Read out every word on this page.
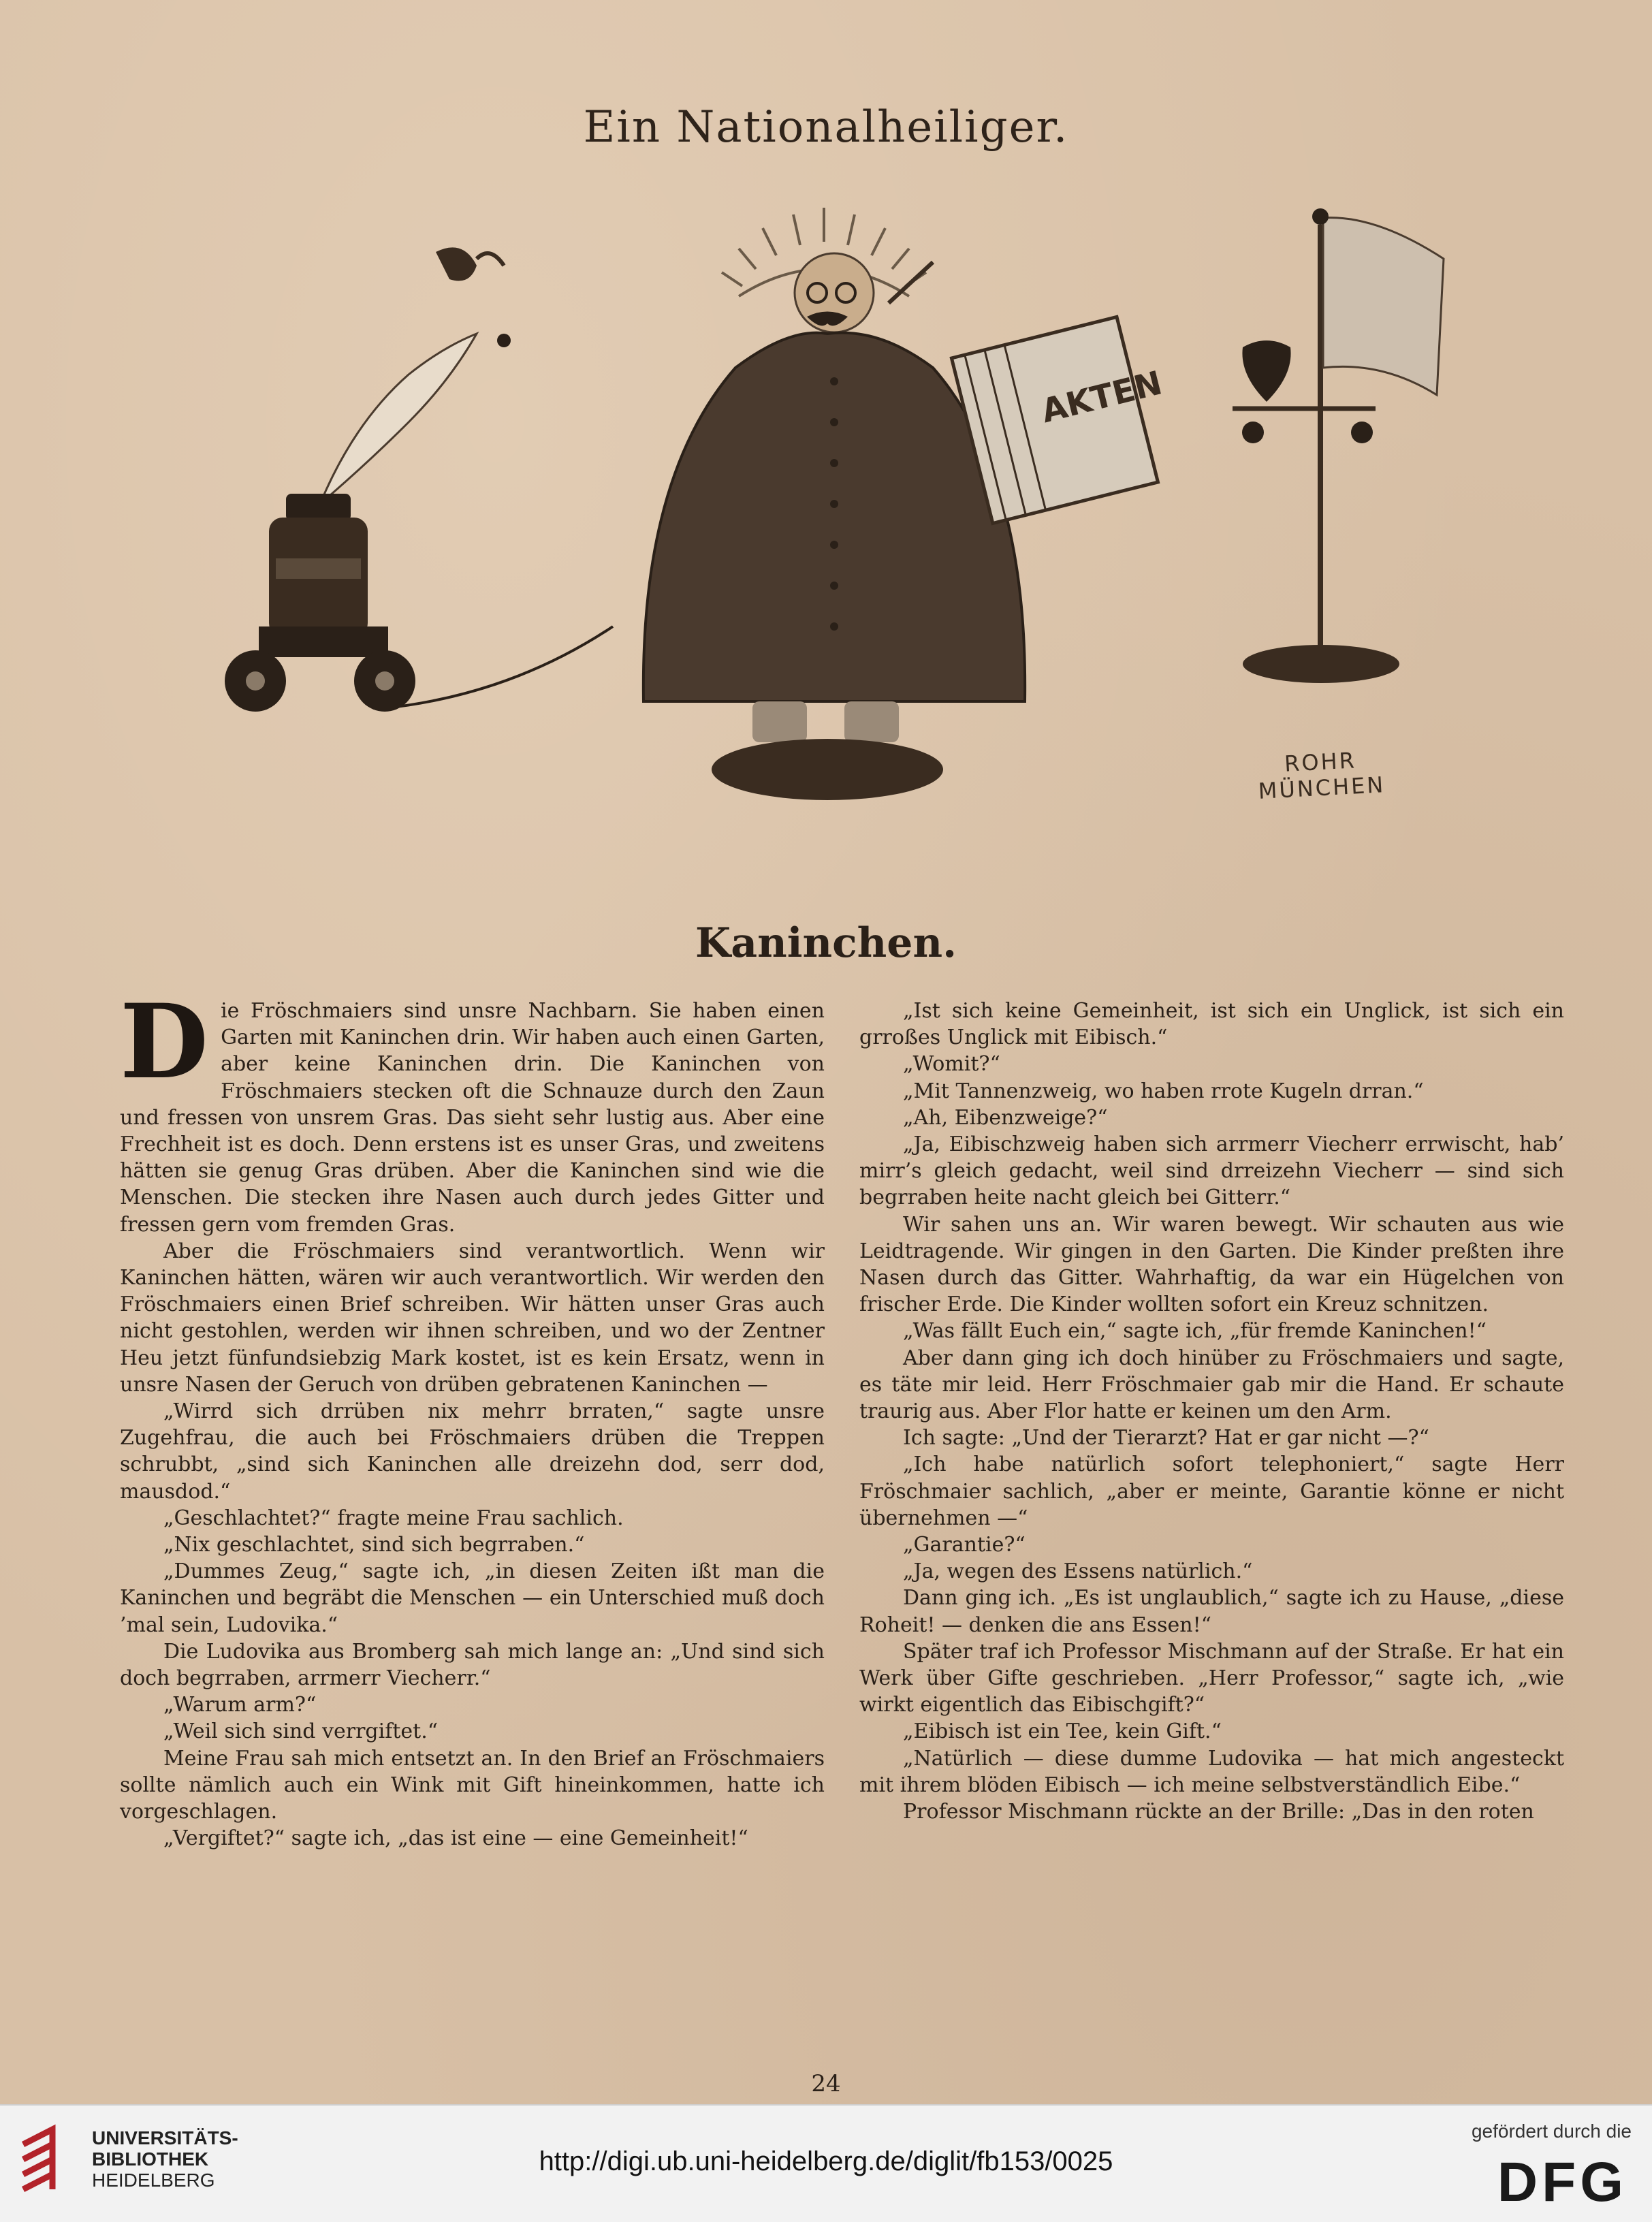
Ein Nationalheiliger.
AKTEN
ROHR
MÜNCHEN
Kaninchen.

Die Fröschmaiers sind unsre Nachbarn. Sie haben einen Garten mit Kaninchen drin. Wir haben auch einen Garten, aber keine Kaninchen drin. Die Kaninchen von Fröschmaiers stecken oft die Schnauze durch den Zaun und fressen von unsrem Gras. Das sieht sehr lustig aus. Aber eine Frechheit ist es doch. Denn erstens ist es unser Gras, und zweitens hätten sie genug Gras drüben. Aber die Kaninchen sind wie die Menschen. Die stecken ihre Nasen auch durch jedes Gitter und fressen gern vom fremden Gras.

Aber die Fröschmaiers sind verantwortlich. Wenn wir Kaninchen hätten, wären wir auch verantwortlich. Wir werden den Fröschmaiers einen Brief schreiben. Wir hätten unser Gras auch nicht gestohlen, werden wir ihnen schreiben, und wo der Zentner Heu jetzt fünfundsiebzig Mark kostet, ist es kein Ersatz, wenn in unsre Nasen der Geruch von drüben gebratenen Kaninchen —

„Wirrd sich drrüben nix mehrr brraten,“ sagte unsre Zugehfrau, die auch bei Fröschmaiers drüben die Treppen schrubbt, „sind sich Kaninchen alle dreizehn dod, serr dod, mausdod.“

„Geschlachtet?“ fragte meine Frau sachlich.

„Nix geschlachtet, sind sich begrraben.“

„Dummes Zeug,“ sagte ich, „in diesen Zeiten ißt man die Kaninchen und begräbt die Menschen — ein Unterschied muß doch ’mal sein, Ludovika.“

Die Ludovika aus Bromberg sah mich lange an: „Und sind sich doch begrraben, arrmerr Viecherr.“

„Warum arm?“

„Weil sich sind verrgiftet.“

Meine Frau sah mich entsetzt an. In den Brief an Fröschmaiers sollte nämlich auch ein Wink mit Gift hineinkommen, hatte ich vorgeschlagen.

„Vergiftet?“ sagte ich, „das ist eine — eine Gemeinheit!“

„Ist sich keine Gemeinheit, ist sich ein Unglick, ist sich ein grroßes Unglick mit Eibisch.“

„Womit?“

„Mit Tannenzweig, wo haben rrote Kugeln drran.“

„Ah, Eibenzweige?“

„Ja, Eibischzweig haben sich arrmerr Viecherr errwischt, hab’ mirr’s gleich gedacht, weil sind drreizehn Viecherr — sind sich begrraben heite nacht gleich bei Gitterr.“

Wir sahen uns an. Wir waren bewegt. Wir schauten aus wie Leidtragende. Wir gingen in den Garten. Die Kinder preßten ihre Nasen durch das Gitter. Wahrhaftig, da war ein Hügelchen von frischer Erde. Die Kinder wollten sofort ein Kreuz schnitzen.

„Was fällt Euch ein,“ sagte ich, „für fremde Kaninchen!“

Aber dann ging ich doch hinüber zu Fröschmaiers und sagte, es täte mir leid. Herr Fröschmaier gab mir die Hand. Er schaute traurig aus. Aber Flor hatte er keinen um den Arm.

Ich sagte: „Und der Tierarzt? Hat er gar nicht —?“

„Ich habe natürlich sofort telephoniert,“ sagte Herr Fröschmaier sachlich, „aber er meinte, Garantie könne er nicht übernehmen —“

„Garantie?“

„Ja, wegen des Essens natürlich.“

Dann ging ich. „Es ist unglaublich,“ sagte ich zu Hause, „diese Roheit! — denken die ans Essen!“

Später traf ich Professor Mischmann auf der Straße. Er hat ein Werk über Gifte geschrieben. „Herr Professor,“ sagte ich, „wie wirkt eigentlich das Eibischgift?“

„Eibisch ist ein Tee, kein Gift.“

„Natürlich — diese dumme Ludovika — hat mich angesteckt mit ihrem blöden Eibisch — ich meine selbstverständlich Eibe.“

Professor Mischmann rückte an der Brille: „Das in den roten

24
UNIVERSITÄTS-
BIBLIOTHEK
HEIDELBERG
http://digi.ub.uni-heidelberg.de/diglit/fb153/0025
gefördert durch die
DFG
